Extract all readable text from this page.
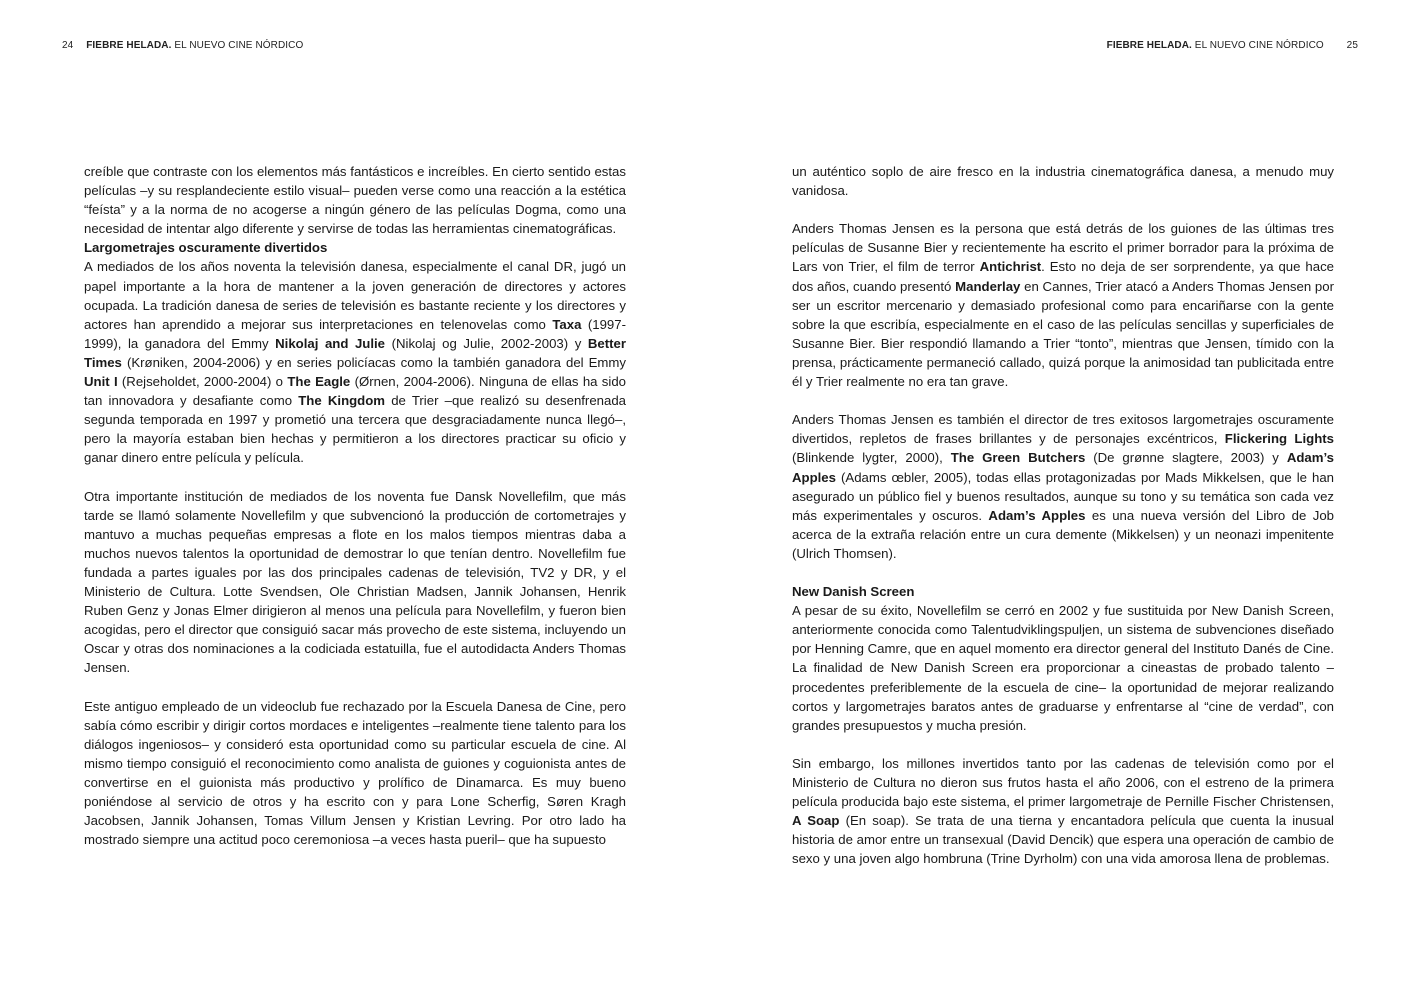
24 FIEBRE HELADA. EL NUEVO CINE NÓRDICO	FIEBRE HELADA. EL NUEVO CINE NÓRDICO 25

creíble que contraste con los elementos más fantásticos e increíbles. En cierto sentido estas películas –y su resplandeciente estilo visual– pueden verse como una reacción a la estética “feísta” y a la norma de no acogerse a ningún género de las películas Dogma, como una necesidad de intentar algo diferente y servirse de todas las herramientas cinematográficas.

Largometrajes oscuramente divertidos

A mediados de los años noventa la televisión danesa, especialmente el canal DR, jugó un papel importante a la hora de mantener a la joven generación de directores y actores ocupada. La tradición danesa de series de televisión es bastante reciente y los directores y actores han aprendido a mejorar sus interpretaciones en telenovelas como Taxa (1997-1999), la ganadora del Emmy Nikolaj and Julie (Nikolaj og Julie, 2002-2003) y Better Times (Krøniken, 2004-2006) y en series policíacas como la también ganadora del Emmy Unit I (Rejseholdet, 2000-2004) o The Eagle (Ørnen, 2004-2006). Ninguna de ellas ha sido tan innovadora y desafiante como The Kingdom de Trier –que realizó su desenfrenada segunda temporada en 1997 y prometió una tercera que desgraciadamente nunca llegó–, pero la mayoría estaban bien hechas y permitieron a los directores practicar su oficio y ganar dinero entre película y película.

Otra importante institución de mediados de los noventa fue Dansk Novellefilm, que más tarde se llamó solamente Novellefilm y que subvencionó la producción de cortometrajes y mantuvo a muchas pequeñas empresas a flote en los malos tiempos mientras daba a muchos nuevos talentos la oportunidad de demostrar lo que tenían dentro. Novellefilm fue fundada a partes iguales por las dos principales cadenas de televisión, TV2 y DR, y el Ministerio de Cultura. Lotte Svendsen, Ole Christian Madsen, Jannik Johansen, Henrik Ruben Genz y Jonas Elmer dirigieron al menos una película para Novellefilm, y fueron bien acogidas, pero el director que consiguió sacar más provecho de este sistema, incluyendo un Oscar y otras dos nominaciones a la codiciada estatuilla, fue el autodidacta Anders Thomas Jensen.

Este antiguo empleado de un videoclub fue rechazado por la Escuela Danesa de Cine, pero sabía cómo escribir y dirigir cortos mordaces e inteligentes –realmente tiene talento para los diálogos ingeniosos– y consideró esta oportunidad como su particular escuela de cine. Al mismo tiempo consiguió el reconocimiento como analista de guiones y coguionista antes de convertirse en el guionista más productivo y prolífico de Dinamarca. Es muy bueno poniéndose al servicio de otros y ha escrito con y para Lone Scherfig, Søren Kragh Jacobsen, Jannik Johansen, Tomas Villum Jensen y Kristian Levring. Por otro lado ha mostrado siempre una actitud poco ceremoniosa –a veces hasta pueril– que ha supuesto

un auténtico soplo de aire fresco en la industria cinematográfica danesa, a menudo muy vanidosa.

Anders Thomas Jensen es la persona que está detrás de los guiones de las últimas tres películas de Susanne Bier y recientemente ha escrito el primer borrador para la próxima de Lars von Trier, el film de terror Antichrist. Esto no deja de ser sorprendente, ya que hace dos años, cuando presentó Manderlay en Cannes, Trier atacó a Anders Thomas Jensen por ser un escritor mercenario y demasiado profesional como para encariñarse con la gente sobre la que escribía, especialmente en el caso de las películas sencillas y superficiales de Susanne Bier. Bier respondió llamando a Trier “tonto”, mientras que Jensen, tímido con la prensa, prácticamente permaneció callado, quizá porque la animosidad tan publicitada entre él y Trier realmente no era tan grave.

Anders Thomas Jensen es también el director de tres exitosos largometrajes oscuramente divertidos, repletos de frases brillantes y de personajes excéntricos, Flickering Lights (Blinkende lygter, 2000), The Green Butchers (De grønne slagtere, 2003) y Adam’s Apples (Adams œbler, 2005), todas ellas protagonizadas por Mads Mikkelsen, que le han asegurado un público fiel y buenos resultados, aunque su tono y su temática son cada vez más experimentales y oscuros. Adam’s Apples es una nueva versión del Libro de Job acerca de la extraña relación entre un cura demente (Mikkelsen) y un neonazi impenitente (Ulrich Thomsen).

New Danish Screen

A pesar de su éxito, Novellefilm se cerró en 2002 y fue sustituida por New Danish Screen, anteriormente conocida como Talentudviklingspuljen, un sistema de subvenciones diseñado por Henning Camre, que en aquel momento era director general del Instituto Danés de Cine. La finalidad de New Danish Screen era proporcionar a cineastas de probado talento –procedentes preferiblemente de la escuela de cine– la oportunidad de mejorar realizando cortos y largometrajes baratos antes de graduarse y enfrentarse al “cine de verdad”, con grandes presupuestos y mucha presión.

Sin embargo, los millones invertidos tanto por las cadenas de televisión como por el Ministerio de Cultura no dieron sus frutos hasta el año 2006, con el estreno de la primera película producida bajo este sistema, el primer largometraje de Pernille Fischer Christensen, A Soap (En soap). Se trata de una tierna y encantadora película que cuenta la inusual historia de amor entre un transexual (David Dencik) que espera una operación de cambio de sexo y una joven algo hombruna (Trine Dyrholm) con una vida amorosa llena de problemas.
